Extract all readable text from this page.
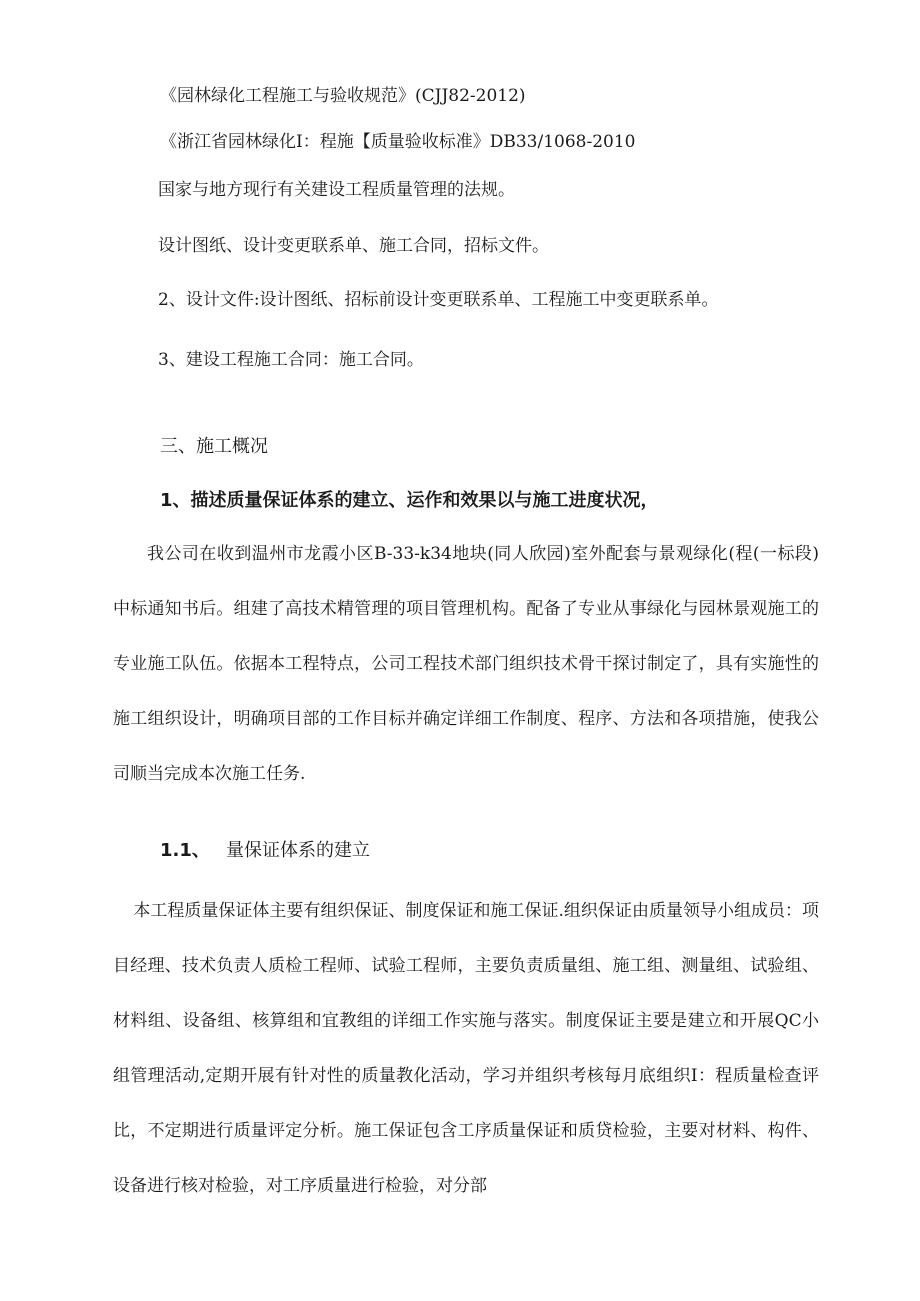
《园林绿化工程施工与验收规范》(CJJ82-2012)
《浙江省园林绿化I：程施【质量验收标准》DB33/1068-2010
国家与地方现行有关建设工程质量管理的法规。
设计图纸、设计变更联系单、施工合同，招标文件。
2、设计文件:设计图纸、招标前设计变更联系单、工程施工中变更联系单。
3、建设工程施工合同：施工合同。
三、施工概况
1、描述质量保证体系的建立、运作和效果以与施工进度状况，

我公司在收到温州市龙霞小区B-33-k34地块(同人欣园)室外配套与景观绿化(程(一标段)中标通知书后。组建了高技术精管理的项目管理机构。配备了专业从事绿化与园林景观施工的专业施工队伍。依据本工程特点，公司工程技术部门组织技术骨干探讨制定了，具有实施性的施工组织设计，明确项目部的工作目标并确定详细工作制度、程序、方法和各项措施，使我公司顺当完成本次施工任务.

1.1、 量保证体系的建立

本工程质量保证体主要有组织保证、制度保证和施工保证.组织保证由质量领导小组成员：项目经理、技术负责人质检工程师、试验工程师，主要负责质量组、施工组、测量组、试验组、材料组、设备组、核算组和宜教组的详细工作实施与落实。制度保证主要是建立和开展QC小组管理活动,定期开展有针对性的质量教化活动，学习并组织考核每月底组织I：程质量检查评比，不定期进行质量评定分析。施工保证包含工序质量保证和质贷检验，主要对材料、构件、设备进行核对检验，对工序质量进行检验，对分部
